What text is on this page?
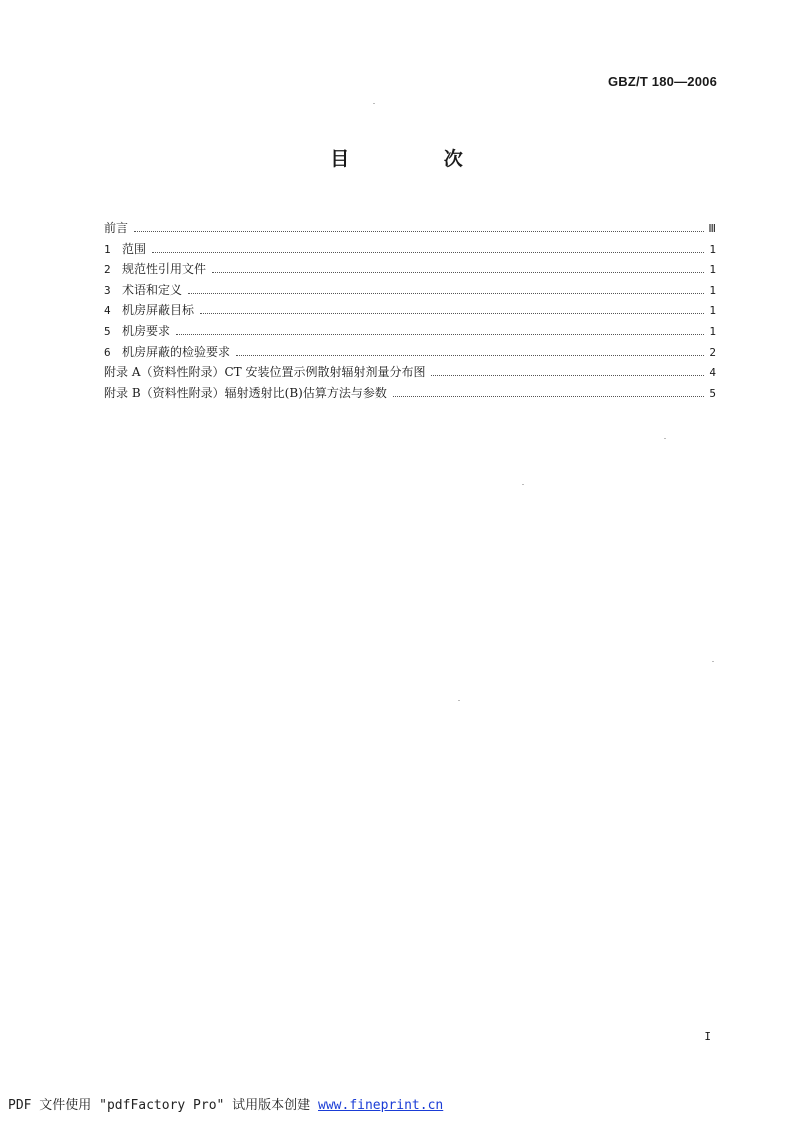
GBZ/T 180—2006
目 次
前言	Ⅲ
1 范围	1
2 规范性引用文件	1
3 术语和定义	1
4 机房屏蔽目标	1
5 机房要求	1
6 机房屏蔽的检验要求	2
附录 A（资料性附录）CT 安装位置示例散射辐射剂量分布图	4
附录 B（资料性附录）辐射透射比(B)估算方法与参数	5
I
PDF 文件使用 "pdfFactory Pro" 试用版本创建 www.fineprint.cn
